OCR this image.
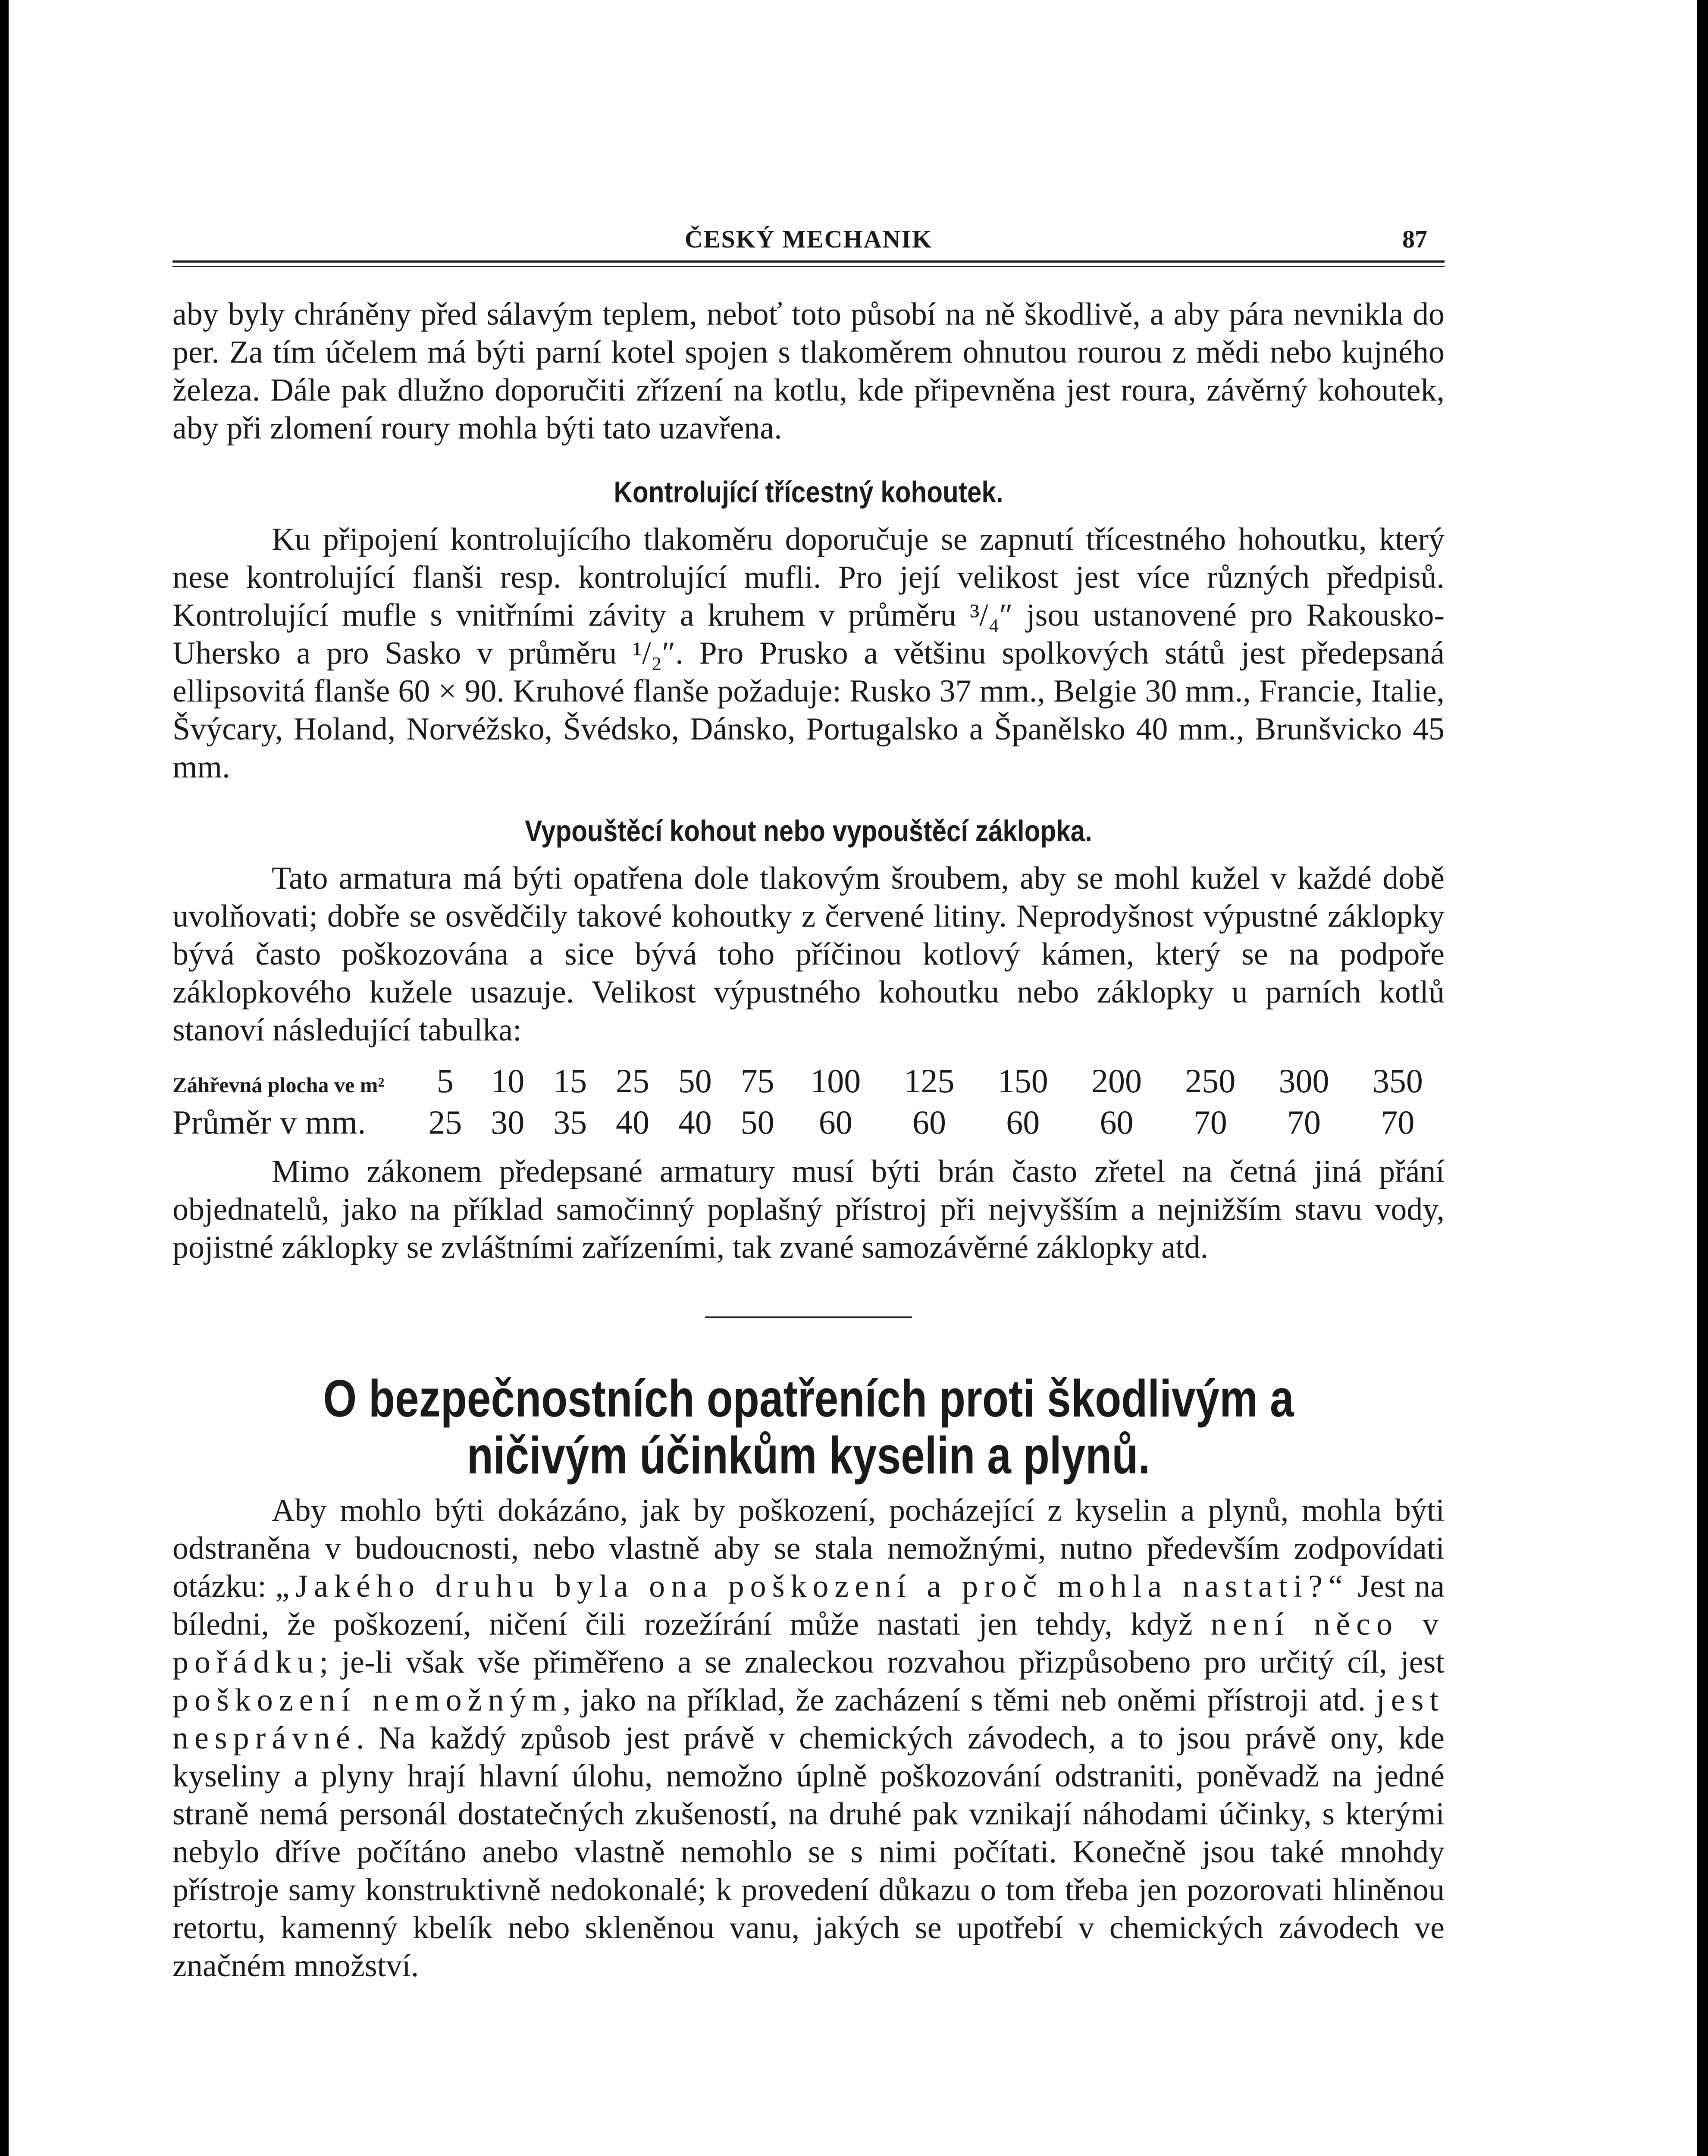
ČESKÝ MECHANIK	87

aby byly chráněny před sálavým teplem, neboť toto působí na ně škodlivě, a aby pára nevnikla do per. Za tím účelem má býti parní kotel spojen s tlakoměrem ohnutou rourou z mědi nebo kujného železa. Dále pak dlužno doporučiti zřízení na kotlu, kde připevněna jest roura, závěrný kohoutek, aby při zlomení roury mohla býti tato uzavřena.

Kontrolující třícestný kohoutek.

Ku připojení kontrolujícího tlakoměru doporučuje se zapnutí třícestného hohoutku, který nese kontrolující flanši resp. kontrolující mufli. Pro její velikost jest více různých předpisů. Kontrolující mufle s vnitřními závity a kruhem v průměru ³/₄″ jsou ustanovené pro Rakousko-Uhersko a pro Sasko v průměru ¹/₂″. Pro Prusko a většinu spolkových států jest předepsaná ellipsovitá flanše 60 × 90. Kruhové flanše požaduje: Rusko 37 mm., Belgie 30 mm., Francie, Italie, Švýcary, Holand, Norvéžsko, Švédsko, Dánsko, Portugalsko a Španělsko 40 mm., Brunšvicko 45 mm.

Vypouštěcí kohout nebo vypouštěcí záklopka.

Tato armatura má býti opatřena dole tlakovým šroubem, aby se mohl kužel v každé době uvolňovati; dobře se osvědčily takové kohoutky z červené litiny. Neprodyšnost výpustné záklopky bývá často poškozována a sice bývá toho příčinou kotlový kámen, který se na podpoře záklopkového kužele usazuje. Velikost výpustného kohoutku nebo záklopky u parních kotlů stanoví následující tabulka:

Záhřevná plocha ve m²	5	10	15	25	50	75	100	125	150	200	250	300	350
Průměr v mm.	25	30	35	40	40	50	60	60	60	60	70	70	70

Mimo zákonem předepsané armatury musí býti brán často zřetel na četná jiná přání objednatelů, jako na příklad samočinný poplašný přístroj při nejvyšším a nejnižším stavu vody, pojistné záklopky se zvláštními zařízeními, tak zvané samozávěrné záklopky atd.

O bezpečnostních opatřeních proti škodlivým a ničivým účinkům kyselin a plynů.

Aby mohlo býti dokázáno, jak by poškození, pocházející z kyselin a plynů, mohla býti odstraněna v budoucnosti, nebo vlastně aby se stala nemožnými, nutno především zodpovídati otázku: „Jakého druhu byla ona poškození a proč mohla nastati?“ Jest na bíledni, že poškození, ničení čili rozežírání může nastati jen tehdy, když není něco v pořádku; je-li však vše přiměřeno a se znaleckou rozvahou přizpůsobeno pro určitý cíl, jest poškození nemožným, jako na příklad, že zacházení s těmi neb oněmi přístroji atd. jest nesprávné. Na každý způsob jest právě v chemických závodech, a to jsou právě ony, kde kyseliny a plyny hrají hlavní úlohu, nemožno úplně poškozování odstraniti, poněvadž na jedné straně nemá personál dostatečných zkušeností, na druhé pak vznikají náhodami účinky, s kterými nebylo dříve počítáno anebo vlastně nemohlo se s nimi počítati. Konečně jsou také mnohdy přístroje samy konstruktivně nedokonalé; k provedení důkazu o tom třeba jen pozorovati hliněnou retortu, kamenný kbelík nebo skleněnou vanu, jakých se upotřebí v chemických závodech ve značném množství.
